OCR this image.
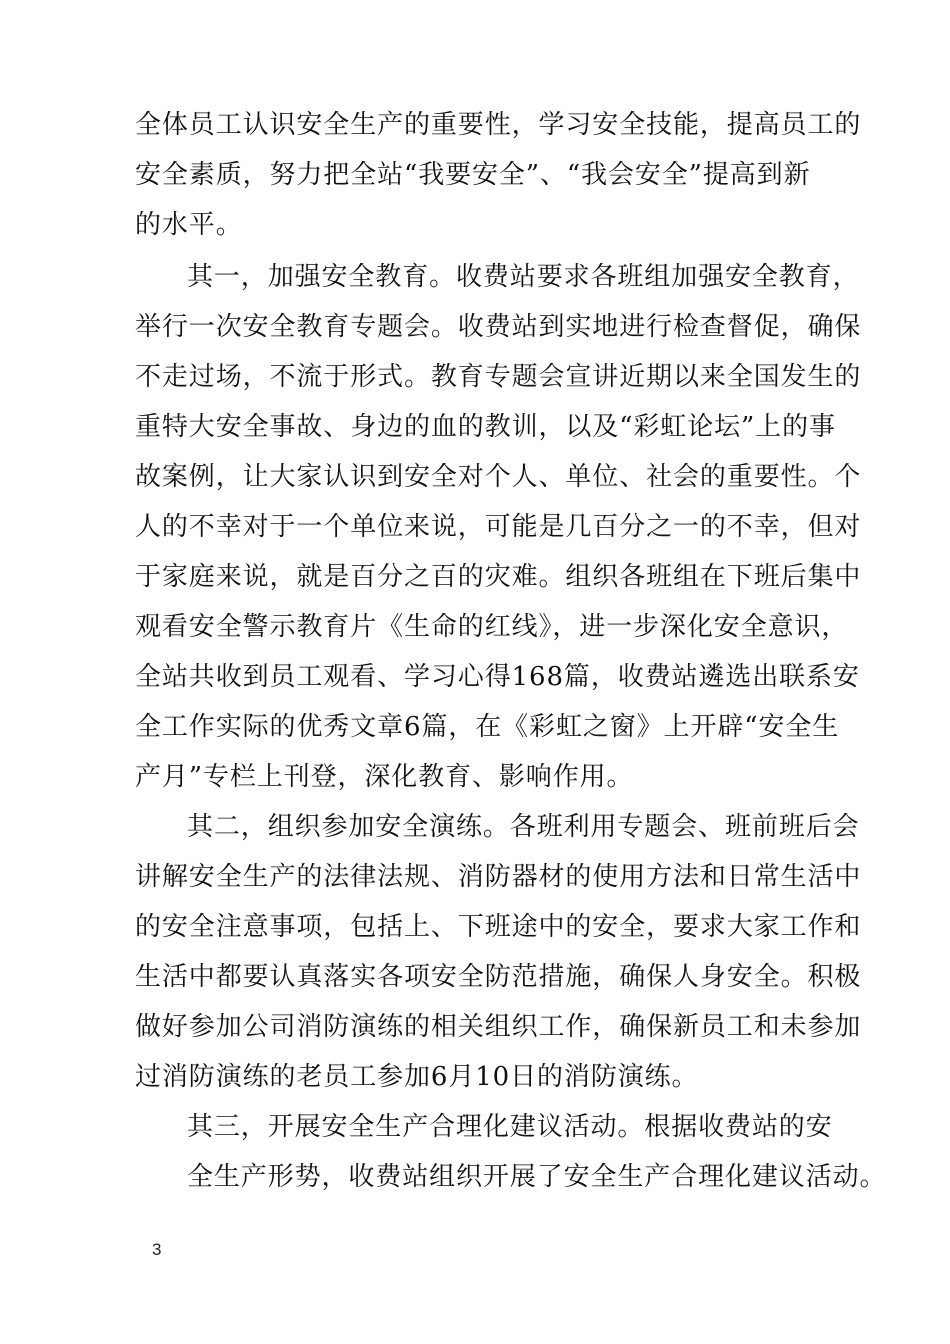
全体员工认识安全生产的重要性，学习安全技能，提高员工的
安全素质，努力把全站“我要安全”、“我会安全”提高到新
的水平。
其一，加强安全教育。收费站要求各班组加强安全教育，
举行一次安全教育专题会。收费站到实地进行检查督促，确保
不走过场，不流于形式。教育专题会宣讲近期以来全国发生的
重特大安全事故、身边的血的教训，以及“彩虹论坛”上的事
故案例，让大家认识到安全对个人、单位、社会的重要性。个
人的不幸对于一个单位来说，可能是几百分之一的不幸，但对
于家庭来说，就是百分之百的灾难。组织各班组在下班后集中
观看安全警示教育片《生命的红线》，进一步深化安全意识，
全站共收到员工观看、学习心得168篇，收费站遴选出联系安
全工作实际的优秀文章6篇，在《彩虹之窗》上开辟“安全生
产月”专栏上刊登，深化教育、影响作用。
其二，组织参加安全演练。各班利用专题会、班前班后会
讲解安全生产的法律法规、消防器材的使用方法和日常生活中
的安全注意事项，包括上、下班途中的安全，要求大家工作和
生活中都要认真落实各项安全防范措施，确保人身安全。积极
做好参加公司消防演练的相关组织工作，确保新员工和未参加
过消防演练的老员工参加6月10日的消防演练。
其三，开展安全生产合理化建议活动。根据收费站的安
全生产形势，收费站组织开展了安全生产合理化建议活动。
3
